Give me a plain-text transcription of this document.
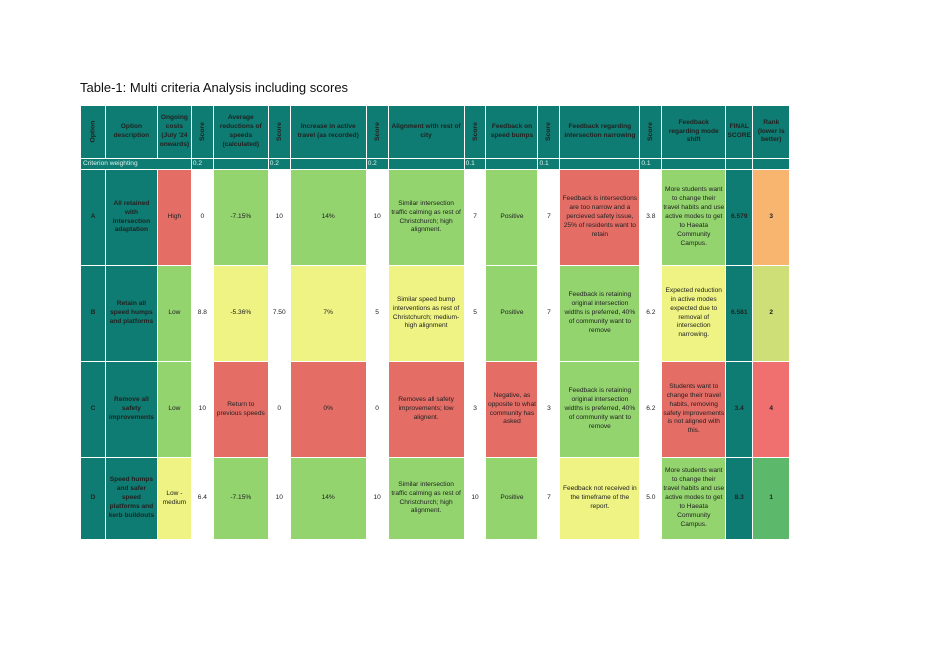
Table-1: Multi criteria Analysis including scores
Option	Option description	Ongoing costs (July '24 onwards)	Score	Average reductions of speeds (calculated)	Score	Increase in active travel (as recorded)	Score	Alignment with rest of city	Score	Feedback on speed bumps	Score	Feedback regarding intersection narrowing	Score	Feedback regarding mode shift	FINAL SCORE	Rank (lower is better)
Criterion weighting			0.2		0.2		0.2		0.1		0.1		0.1			
A	All retained with intersection adaptation	High	0	-7.15%	10	14%	10	Similar intersection traffic calming as rest of Christchurch; high alignment.	7	Positive	7	Feedback is intersections are too narrow and a percieved safety issue, 25% of residents want to retain	3.8	More students want to change their travel habits and use active modes to get to Haeata Community Campus.	6.579	3
B	Retain all speed humps and platforms	Low	8.8	-5.36%	7.50	7%	5	Similar speed bump interventions as rest of Christchurch; medium-high alignment	5	Positive	7	Feedback is retaining original intersection widths is preferred, 40% of community want to remove	6.2	Expected reduction in active modes expected due to removal of intersection narrowing.	6.581	2
C	Remove all safety improvements	Low	10	Return to previous speeds	0	0%	0	Removes all safety improvements; low alignent.	3	Negative, as opposite to what community has asked	3	Feedback is retaining original intersection widths is preferred, 40% of community want to remove	6.2	Students want to change their travel habits, removing safety improvements is not aligned with this.	3.4	4
D	Speed humps and safer speed platforms and kerb buildouts	Low - medium	6.4	-7.15%	10	14%	10	Similar intersection traffic calming as rest of Christchurch; high alignment.	10	Positive	7	Feedback not received in the timeframe of the report.	5.0	More students want to change their travel habits and use active modes to get to Haeata Community Campus.	8.3	1
